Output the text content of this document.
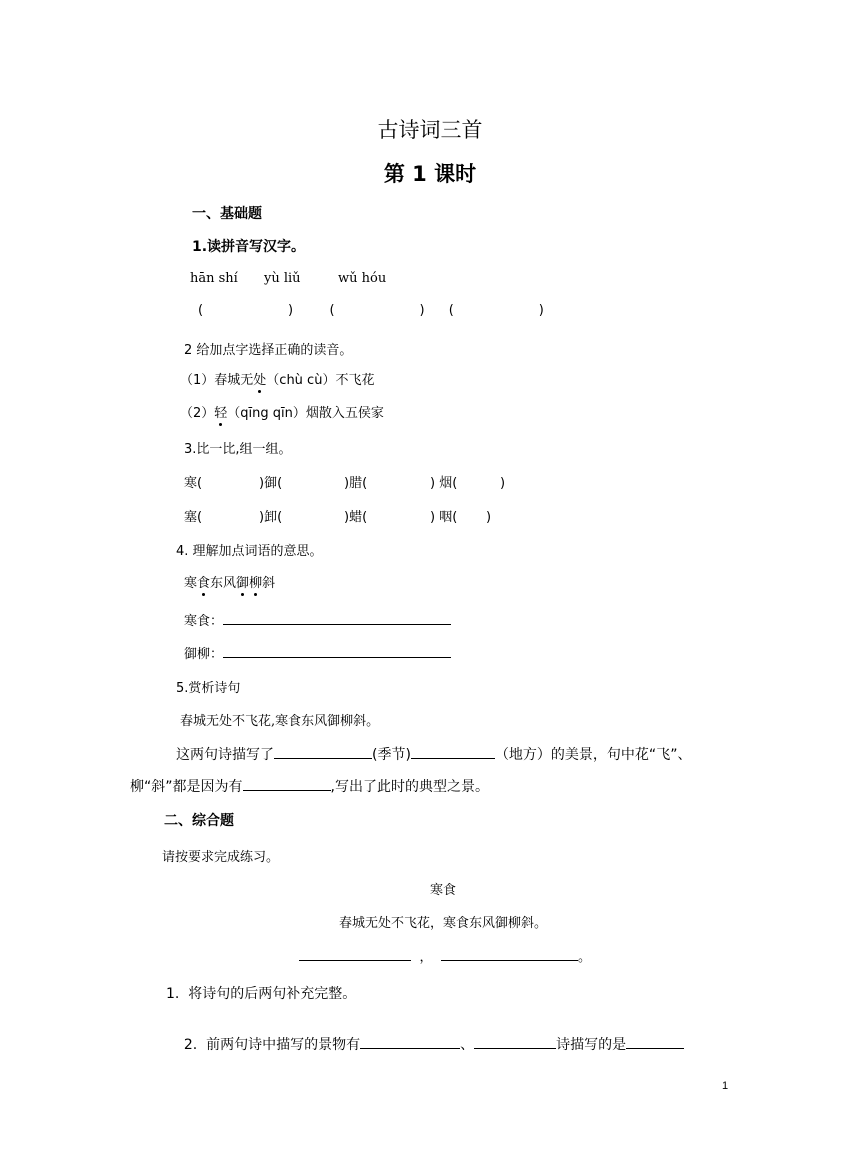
古诗词三首
第 1 课时
一、基础题
1.读拼音写汉字。
hān shí yù liǔ	wǔ hóu
(       )   (       )  (       )
2 给加点字选择正确的读音。
（1）春城无处（chù cù）不飞花
（2）轻（qīng qīn）烟散入五侯家
3.比一比,组一组。
寒(	)御(	)腊(	) 烟(	)
塞(	)卸(	)蜡(	) 咽( )
4. 理解加点词语的意思。
寒食东风御柳斜
寒食：
御柳：
5.赏析诗句
春城无处不飞花,寒食东风御柳斜。
这两句诗描写了	(季节)	（地方）的美景，句中花“飞”、
柳“斜”都是因为有	,写出了此时的典型之景。
二、综合题
请按要求完成练习。
寒食
春城无处不飞花，寒食东风御柳斜。
，	。
1.  将诗句的后两句补充完整。

2.  前两句诗中描写的景物有	、	诗描写的是

1
